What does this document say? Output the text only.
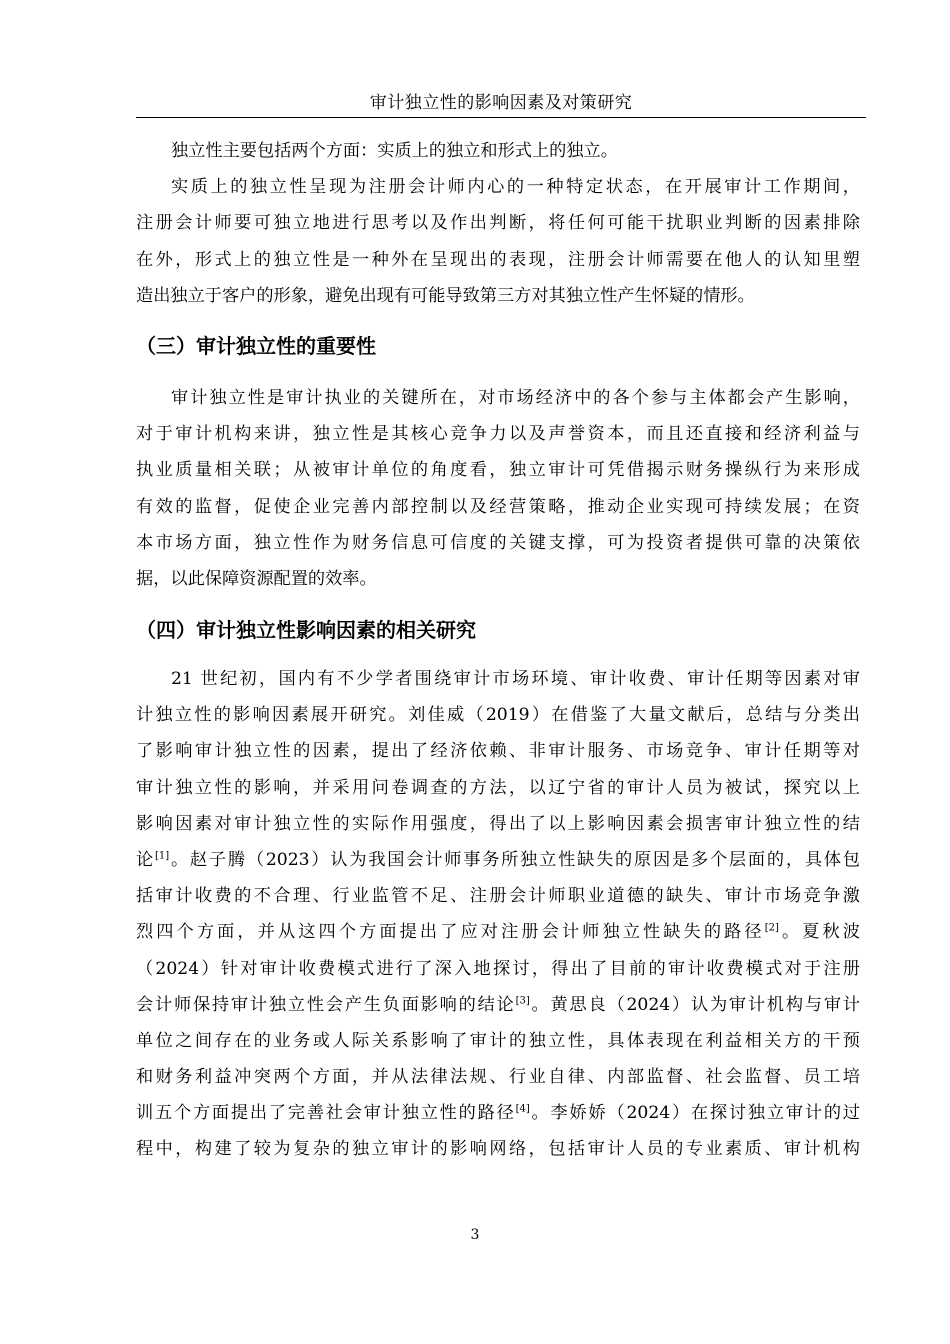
审计独立性的影响因素及对策研究
独立性主要包括两个方面：实质上的独立和形式上的独立。
实质上的独立性呈现为注册会计师内心的一种特定状态，在开展审计工作期间，
注册会计师要可独立地进行思考以及作出判断，将任何可能干扰职业判断的因素排除
在外，形式上的独立性是一种外在呈现出的表现，注册会计师需要在他人的认知里塑
造出独立于客户的形象，避免出现有可能导致第三方对其独立性产生怀疑的情形。
（三）审计独立性的重要性
审计独立性是审计执业的关键所在，对市场经济中的各个参与主体都会产生影响，
对于审计机构来讲，独立性是其核心竞争力以及声誉资本，而且还直接和经济利益与
执业质量相关联；从被审计单位的角度看，独立审计可凭借揭示财务操纵行为来形成
有效的监督，促使企业完善内部控制以及经营策略，推动企业实现可持续发展；在资
本市场方面，独立性作为财务信息可信度的关键支撑，可为投资者提供可靠的决策依
据，以此保障资源配置的效率。
（四）审计独立性影响因素的相关研究
21 世纪初，国内有不少学者围绕审计市场环境、审计收费、审计任期等因素对审
计独立性的影响因素展开研究。刘佳威（2019）在借鉴了大量文献后，总结与分类出
了影响审计独立性的因素，提出了经济依赖、非审计服务、市场竞争、审计任期等对
审计独立性的影响，并采用问卷调查的方法，以辽宁省的审计人员为被试，探究以上
影响因素对审计独立性的实际作用强度，得出了以上影响因素会损害审计独立性的结
论[1]。赵子腾（2023）认为我国会计师事务所独立性缺失的原因是多个层面的，具体包
括审计收费的不合理、行业监管不足、注册会计师职业道德的缺失、审计市场竞争激
烈四个方面，并从这四个方面提出了应对注册会计师独立性缺失的路径[2]。夏秋波
（2024）针对审计收费模式进行了深入地探讨，得出了目前的审计收费模式对于注册
会计师保持审计独立性会产生负面影响的结论[3]。黄思良（2024）认为审计机构与审计
单位之间存在的业务或人际关系影响了审计的独立性，具体表现在利益相关方的干预
和财务利益冲突两个方面，并从法律法规、行业自律、内部监督、社会监督、员工培
训五个方面提出了完善社会审计独立性的路径[4]。李娇娇（2024）在探讨独立审计的过
程中，构建了较为复杂的独立审计的影响网络，包括审计人员的专业素质、审计机构
3
